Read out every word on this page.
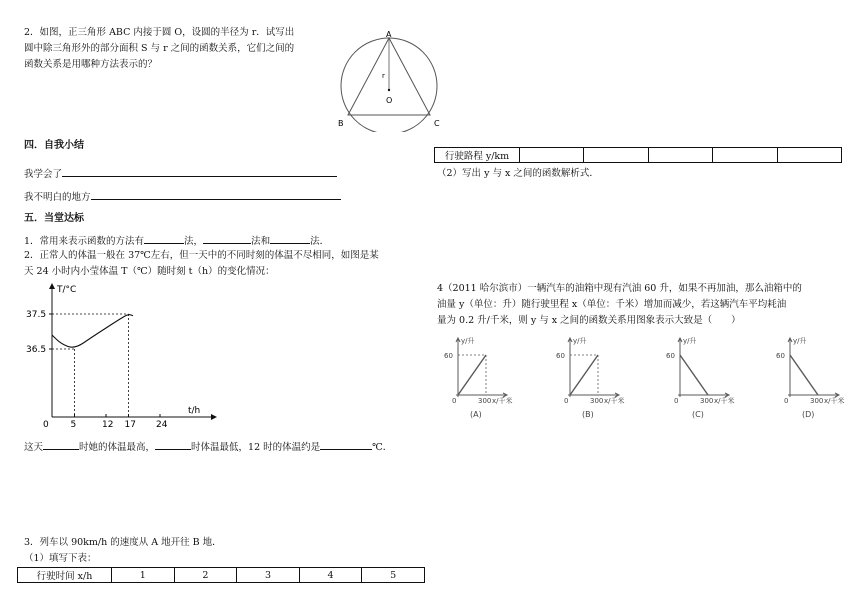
2．如图，正三角形 ABC 内接于圆 O，设圆的半径为 r．试写出
圆中除三角形外的部分面积 S 与 r 之间的函数关系，它们之间的
函数关系是用哪种方法表示的？
A
B	C
O
r
四．自我小结
我学会了
我不明白的地方
五．当堂达标
1．常用来表示函数的方法有	法，	法和	法．
2．正常人的体温一般在 37℃左右，但一天中的不同时刻的体温不尽相同，如图是某
天 24 小时内小莹体温 T（℃）随时刻 t（h）的变化情况：
T/°C
t/h
0 5	12 17 24
37.5
36.5
这天	时她的体温最高，	时体温最低，12 时的体温约是	℃．
3．列车以 90km/h 的速度从 A 地开往 B 地．
（1）填写下表：
行驶时间 x/h	1	2	3	4	5
行驶路程 y/km					
（2）写出 y 与 x 之间的函数解析式．
4（2011 哈尔滨市）一辆汽车的油箱中现有汽油 60 升，如果不再加油，那么油箱中的
油量 y（单位：升）随行驶里程 x（单位：千米）增加而减少，若这辆汽车平均耗油
量为 0.2 升/千米，则 y 与 x 之间的函数关系用图象表示大致是（　　）
y/升
x/千米
60
300
0
(A)
y/升
x/千米
60
300
0
(B)
y/升
x/千米
60
300
0
(C)
y/升
x/千米
60
300
0
(D)
